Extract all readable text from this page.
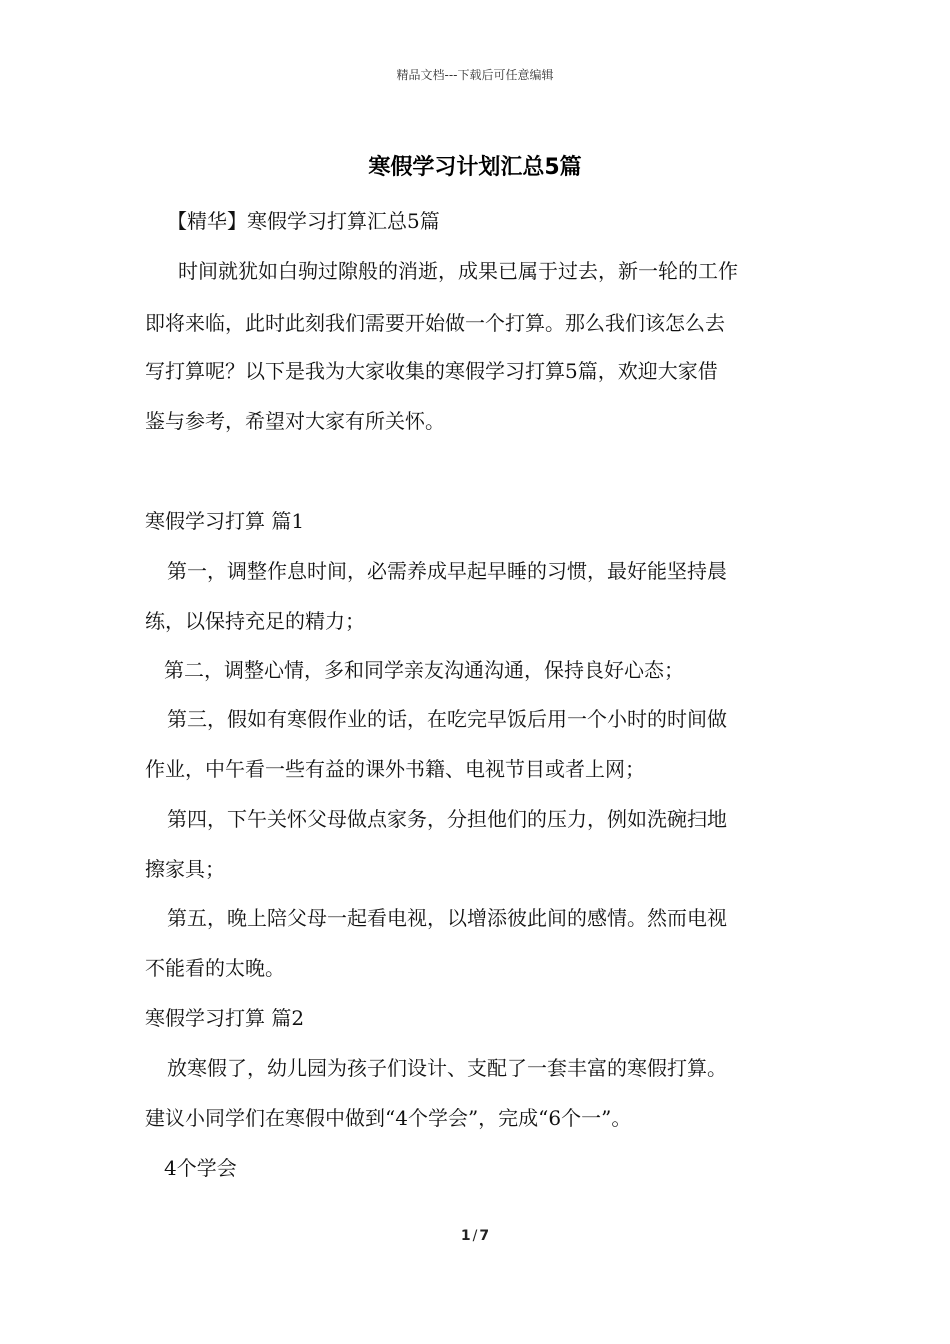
精品文档---下载后可任意编辑
寒假学习计划汇总5篇
【精华】寒假学习打算汇总5篇
时间就犹如白驹过隙般的消逝，成果已属于过去，新一轮的工作
即将来临，此时此刻我们需要开始做一个打算。那么我们该怎么去
写打算呢？以下是我为大家收集的寒假学习打算5篇，欢迎大家借
鉴与参考，希望对大家有所关怀。
寒假学习打算 篇1
第一，调整作息时间，必需养成早起早睡的习惯，最好能坚持晨
练，以保持充足的精力；
第二，调整心情，多和同学亲友沟通沟通，保持良好心态；
第三，假如有寒假作业的话，在吃完早饭后用一个小时的时间做
作业，中午看一些有益的课外书籍、电视节目或者上网；
第四，下午关怀父母做点家务，分担他们的压力，例如洗碗扫地
擦家具；
第五，晚上陪父母一起看电视，以增添彼此间的感情。然而电视
不能看的太晚。
寒假学习打算 篇2
放寒假了，幼儿园为孩子们设计、支配了一套丰富的寒假打算。
建议小同学们在寒假中做到“4个学会”，完成“6个一”。
4个学会
1 / 7
